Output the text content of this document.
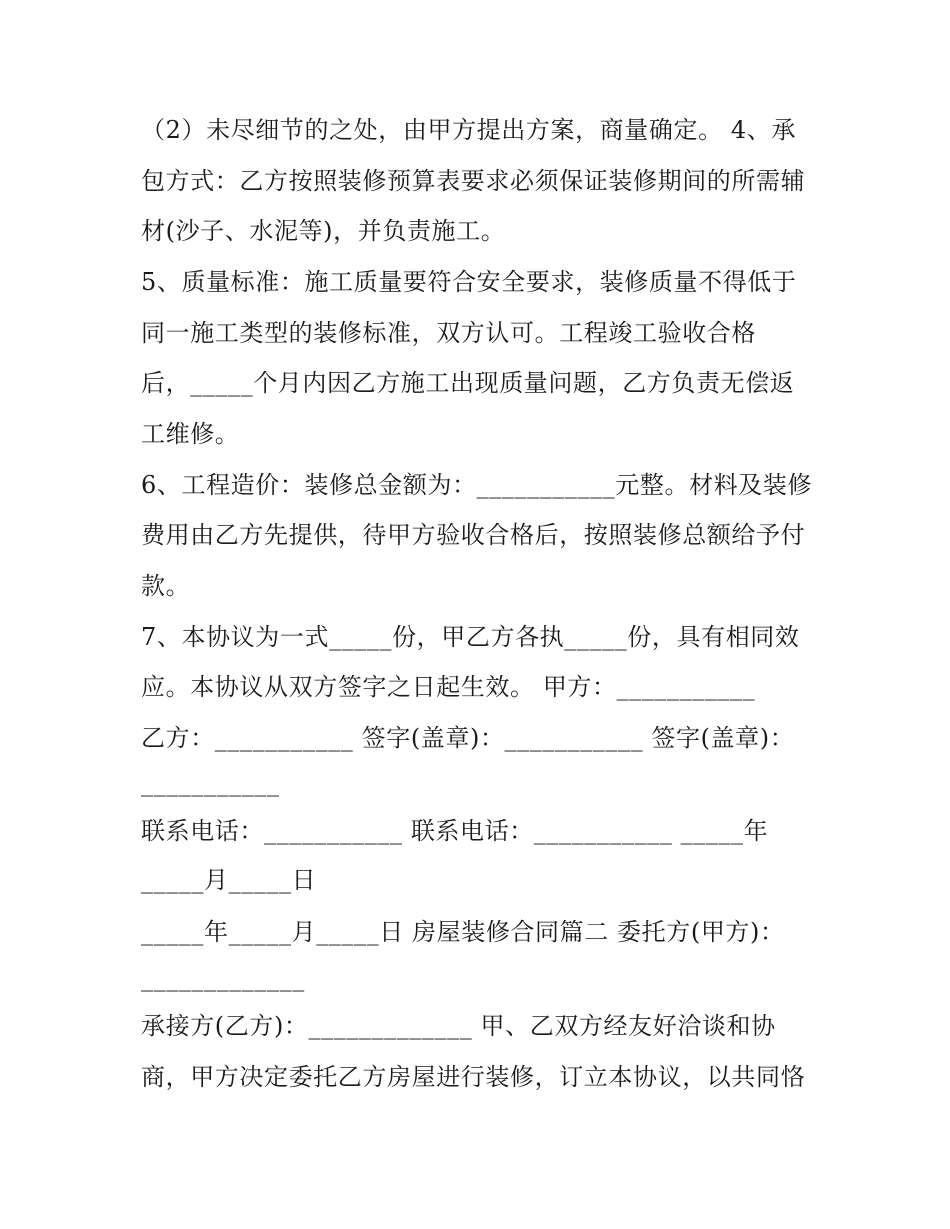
（2）未尽细节的之处，由甲方提出方案，商量确定。 4、承
包方式：乙方按照装修预算表要求必须保证装修期间的所需辅
材(沙子、水泥等)，并负责施工。
5、质量标准：施工质量要符合安全要求，装修质量不得低于
同一施工类型的装修标准，双方认可。工程竣工验收合格
后，_____个月内因乙方施工出现质量问题，乙方负责无偿返
工维修。
6、工程造价：装修总金额为：___________元整。材料及装修
费用由乙方先提供，待甲方验收合格后，按照装修总额给予付
款。
7、本协议为一式_____份，甲乙方各执_____份，具有相同效
应。本协议从双方签字之日起生效。 甲方：___________
乙方：___________ 签字(盖章)：___________ 签字(盖章)：
___________
联系电话：___________ 联系电话：___________ _____年
_____月_____日
_____年_____月_____日 房屋装修合同篇二 委托方(甲方)：
_____________
承接方(乙方)：_____________ 甲、乙双方经友好洽谈和协
商，甲方决定委托乙方房屋进行装修，订立本协议，以共同恪
